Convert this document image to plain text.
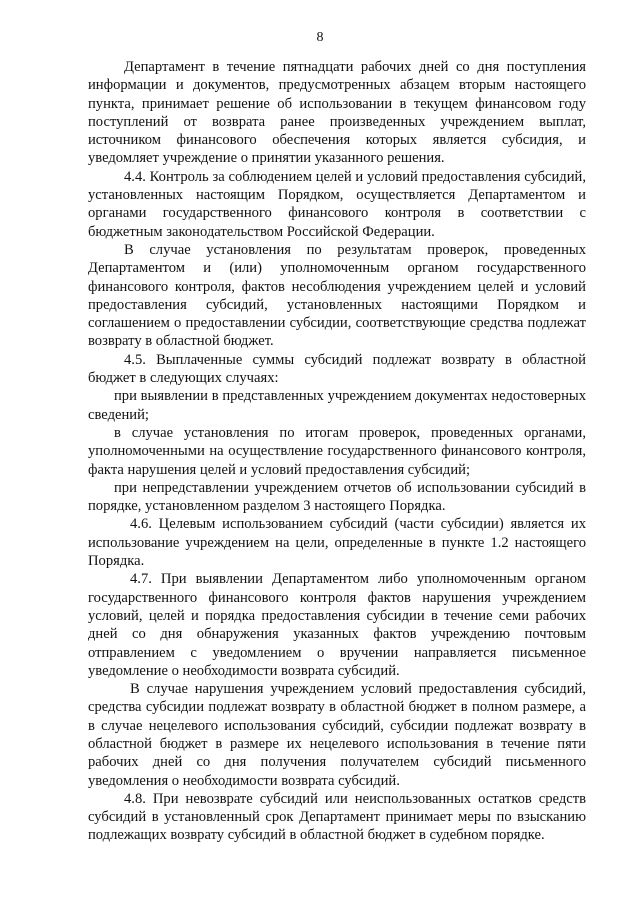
8

Департамент в течение пятнадцати рабочих дней со дня поступления информации и документов, предусмотренных абзацем вторым настоящего пункта, принимает решение об использовании в текущем финансовом году поступлений от возврата ранее произведенных учреждением выплат, источником финансового обеспечения которых является субсидия, и уведомляет учреждение о принятии указанного решения.

4.4. Контроль за соблюдением целей и условий предоставления субсидий, установленных настоящим Порядком, осуществляется Департаментом и органами государственного финансового контроля в соответствии с бюджетным законодательством Российской Федерации.

В случае установления по результатам проверок, проведенных Департаментом и (или) уполномоченным органом государственного финансового контроля, фактов несоблюдения учреждением целей и условий предоставления субсидий, установленных настоящими Порядком и соглашением о предоставлении субсидии, соответствующие средства подлежат возврату в областной бюджет.

4.5. Выплаченные суммы субсидий подлежат возврату в областной бюджет в следующих случаях:

при выявлении в представленных учреждением документах недостоверных сведений;

в случае установления по итогам проверок, проведенных органами, уполномоченными на осуществление государственного финансового контроля, факта нарушения целей и условий предоставления субсидий;

при непредставлении учреждением отчетов об использовании субсидий в порядке, установленном разделом 3 настоящего Порядка.

4.6. Целевым использованием субсидий (части субсидии) является их использование учреждением на цели, определенные в пункте 1.2 настоящего Порядка.

4.7. При выявлении Департаментом либо уполномоченным органом государственного финансового контроля фактов нарушения учреждением условий, целей и порядка предоставления субсидии в течение семи рабочих дней со дня обнаружения указанных фактов учреждению почтовым отправлением с уведомлением о вручении направляется письменное уведомление о необходимости возврата субсидий.

В случае нарушения учреждением условий предоставления субсидий, средства субсидии подлежат возврату в областной бюджет в полном размере, а в случае нецелевого использования субсидий, субсидии подлежат возврату в областной бюджет в размере их нецелевого использования в течение пяти рабочих дней со дня получения получателем субсидий письменного уведомления о необходимости возврата субсидий.

4.8. При невозврате субсидий или неиспользованных остатков средств субсидий в установленный срок Департамент принимает меры по взысканию подлежащих возврату субсидий в областной бюджет в судебном порядке.
